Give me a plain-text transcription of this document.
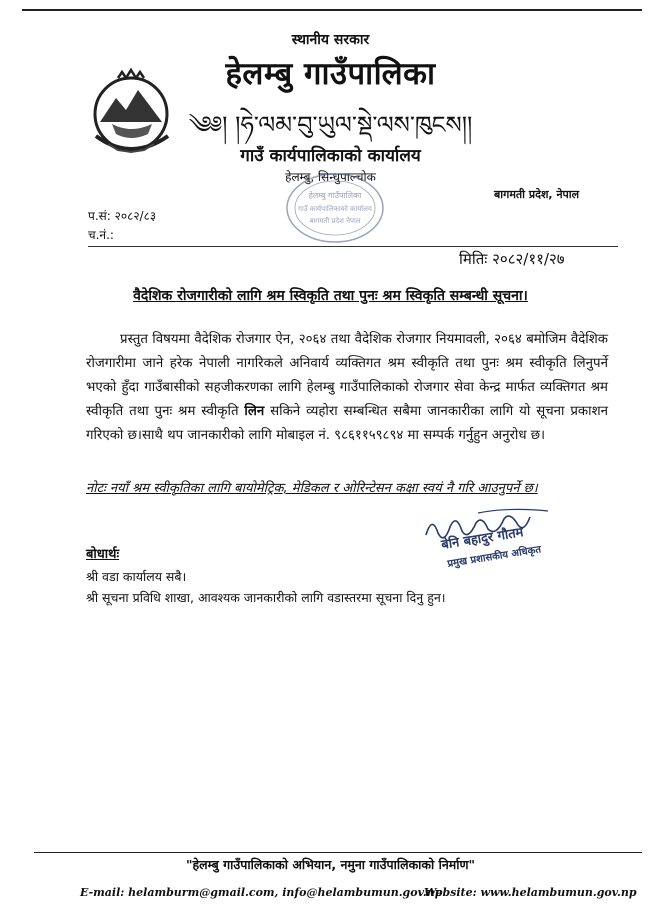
स्थानीय सरकार
हेलम्बु गाउँपालिका
༄༅། །ཧེ་ལམ་བུ་ཡུལ་སྡེ་ལས་ཁུངས།།
गाउँ कार्यपालिकाको कार्यालय
हेलम्बु, सिन्धुपाल्चोक
बागमती प्रदेश, नेपाल
हेलम्बु गाउँपालिका
गाउँ कार्यपालिकाको कार्यालय
बागमती प्रदेश नेपाल
प.सं: २०८२/८३
च.नं.:
मितिः २०८२/११/२७
वैदेशिक रोजगारीको लागि श्रम स्विकृति तथा पुनः श्रम स्विकृति सम्बन्धी सूचना।
प्रस्तुत विषयमा वैदेशिक रोजगार ऐन, २०६४ तथा वैदेशिक रोजगार नियमावली, २०६४ बमोजिम वैदेशिक रोजगारीमा जाने हरेक नेपाली नागरिकले अनिवार्य व्यक्तिगत श्रम स्वीकृति तथा पुनः श्रम स्वीकृति लिनुपर्ने भएको हुँदा गाउँबासीको सहजीकरणका लागि हेलम्बु गाउँपालिकाको रोजगार सेवा केन्द्र मार्फत व्यक्तिगत श्रम स्वीकृति तथा पुनः श्रम स्वीकृति लिन सकिने व्यहोरा सम्बन्धित सबैमा जानकारीका लागि यो सूचना प्रकाशन गरिएको छ।साथै थप जानकारीको लागि मोबाइल नं. ९८६११५९८९४ मा सम्पर्क गर्नुहुन अनुरोध छ।
नोटः नयाँ श्रम स्वीकृतिका लागि बायोमेट्रिक, मेडिकल र ओरिन्टेसन कक्षा स्वयं नै गरि आउनुपर्ने छ।
बेनि बहादुर गौतम
प्रमुख प्रशासकीय अधिकृत
बोधार्थः
श्री वडा कार्यालय सबै।
श्री सूचना प्रविधि शाखा, आवश्यक जानकारीको लागि वडास्तरमा सूचना दिनु हुन।
"हेलम्बु गाउँपालिकाको अभियान, नमुना गाउँपालिकाको निर्माण"
E-mail: helamburm@gmail.com, info@helambumun.gov.np
Website: www.helambumun.gov.np
